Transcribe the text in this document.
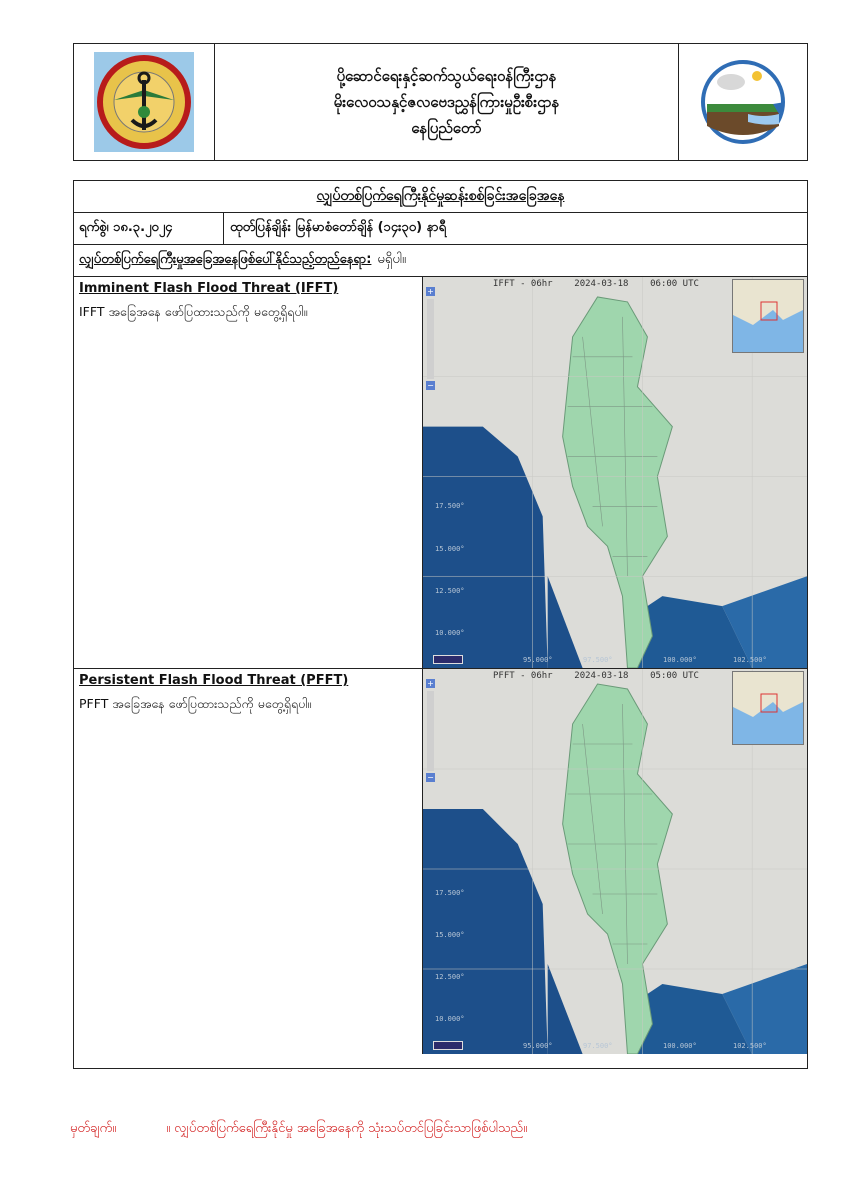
ပို့ဆောင်ရေးနှင့်ဆက်သွယ်ရေးဝန်ကြီးဌာန
မိုးလေဝသနှင့်ဇလဗေဒညွှန်ကြားမှုဦးစီးဌာန
နေပြည်တော်
လျှပ်တစ်ပြက်ရေကြီးနိုင်မှုဆန်းစစ်ခြင်းအခြေအနေ
ရက်စွဲ၊ ၁၈.၃.၂၀၂၄	ထုတ်ပြန်ချိန်း မြန်မာစံတော်ချိန် (၁၄း၃၀) နာရီ
လျှပ်တစ်ပြက်ရေကြီးမှုအခြေအနေဖြစ်ပေါ်နိုင်သည့်တည်နေရာ: မရှိပါ။
Imminent Flash Flood Threat (IFFT)
IFFT အခြေအနေ ဖော်ပြထားသည်ကို မတွေ့ရှိရပါ။
IFFT - 06hr    2024-03-18    06:00 UTC
+
−
17.500°
15.000°
12.500°
10.000°
95.000°	97.500°	100.000°	102.500°
Persistent Flash Flood Threat (PFFT)
PFFT အခြေအနေ ဖော်ပြထားသည်ကို မတွေ့ရှိရပါ။
PFFT - 06hr    2024-03-18    05:00 UTC
+
−
17.500°
15.000°
12.500°
10.000°
95.000°	97.500°	100.000°	102.500°
မှတ်ချက်။	။ လျှပ်တစ်ပြက်ရေကြီးနိုင်မှု အခြေအနေကို သုံးသပ်တင်ပြခြင်းသာဖြစ်ပါသည်။
